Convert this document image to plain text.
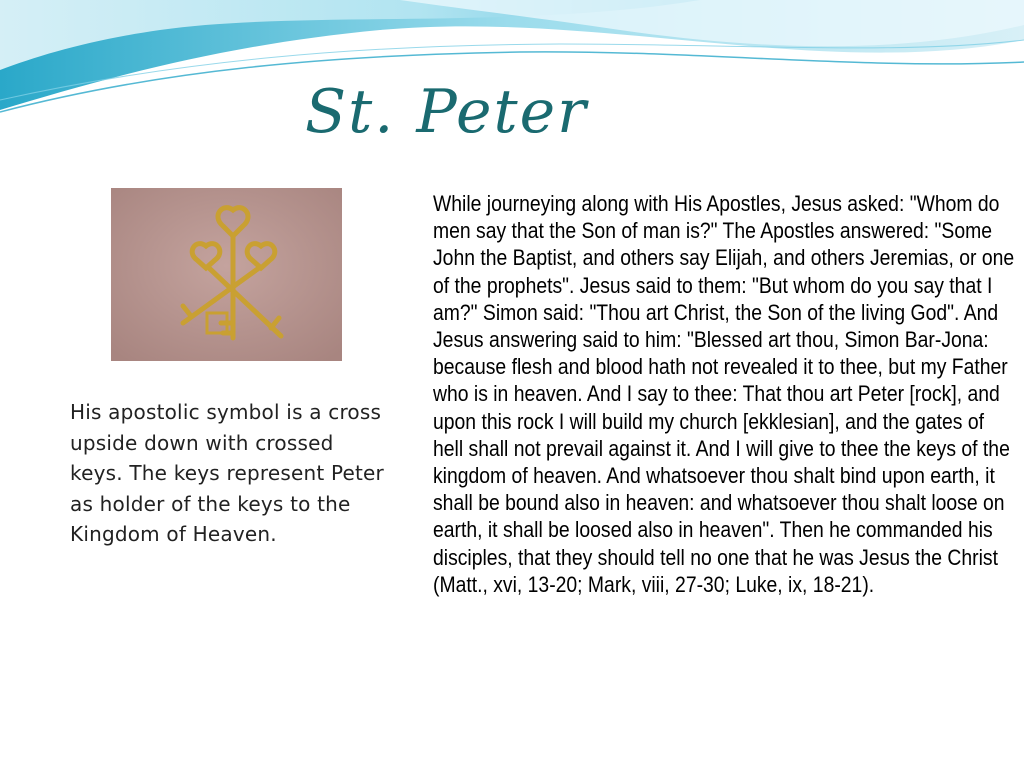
St. Peter

His apostolic symbol is a cross upside down with crossed keys. The keys represent Peter as holder of the keys to the Kingdom of Heaven.

While journeying along with His Apostles, Jesus asked: "Whom do men say that the Son of man is?" The Apostles answered: "Some John the Baptist, and others say Elijah, and others Jeremias, or one of the prophets". Jesus said to them: "But whom do you say that I am?" Simon said: "Thou art Christ, the Son of the living God". And Jesus answering said to him: "Blessed art thou, Simon Bar-Jona: because flesh and blood hath not revealed it to thee, but my Father who is in heaven. And I say to thee: That thou art Peter [rock], and upon this rock I will build my church [ekklesian], and the gates of hell shall not prevail against it. And I will give to thee the keys of the kingdom of heaven. And whatsoever thou shalt bind upon earth, it shall be bound also in heaven: and whatsoever thou shalt loose on earth, it shall be loosed also in heaven". Then he commanded his disciples, that they should tell no one that he was Jesus the Christ (Matt., xvi, 13-20; Mark, viii, 27-30; Luke, ix, 18-21).
